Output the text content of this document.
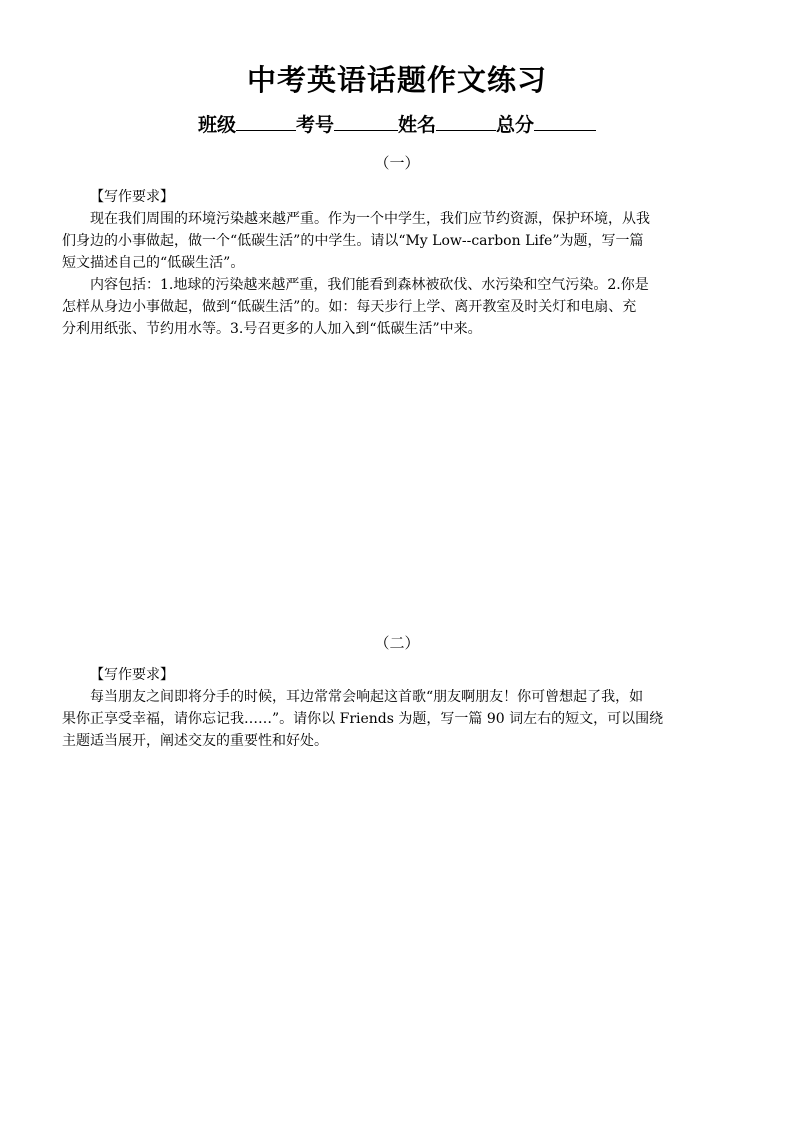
中考英语话题作文练习
班级	考号	姓名	总分
（一）
【写作要求】
现在我们周围的环境污染越来越严重。作为一个中学生，我们应节约资源，保护环境，从我
们身边的小事做起，做一个“低碳生活”的中学生。请以“My Low--carbon Life”为题，写一篇
短文描述自己的“低碳生活”。
内容包括：1.地球的污染越来越严重，我们能看到森林被砍伐、水污染和空气污染。2.你是
怎样从身边小事做起，做到“低碳生活”的。如：每天步行上学、离开教室及时关灯和电扇、充
分利用纸张、节约用水等。3.号召更多的人加入到“低碳生活”中来。
（二）
【写作要求】
每当朋友之间即将分手的时候，耳边常常会响起这首歌“朋友啊朋友！你可曾想起了我，如
果你正享受幸福，请你忘记我……”。请你以 Friends 为题，写一篇 90 词左右的短文，可以围绕
主题适当展开，阐述交友的重要性和好处。
